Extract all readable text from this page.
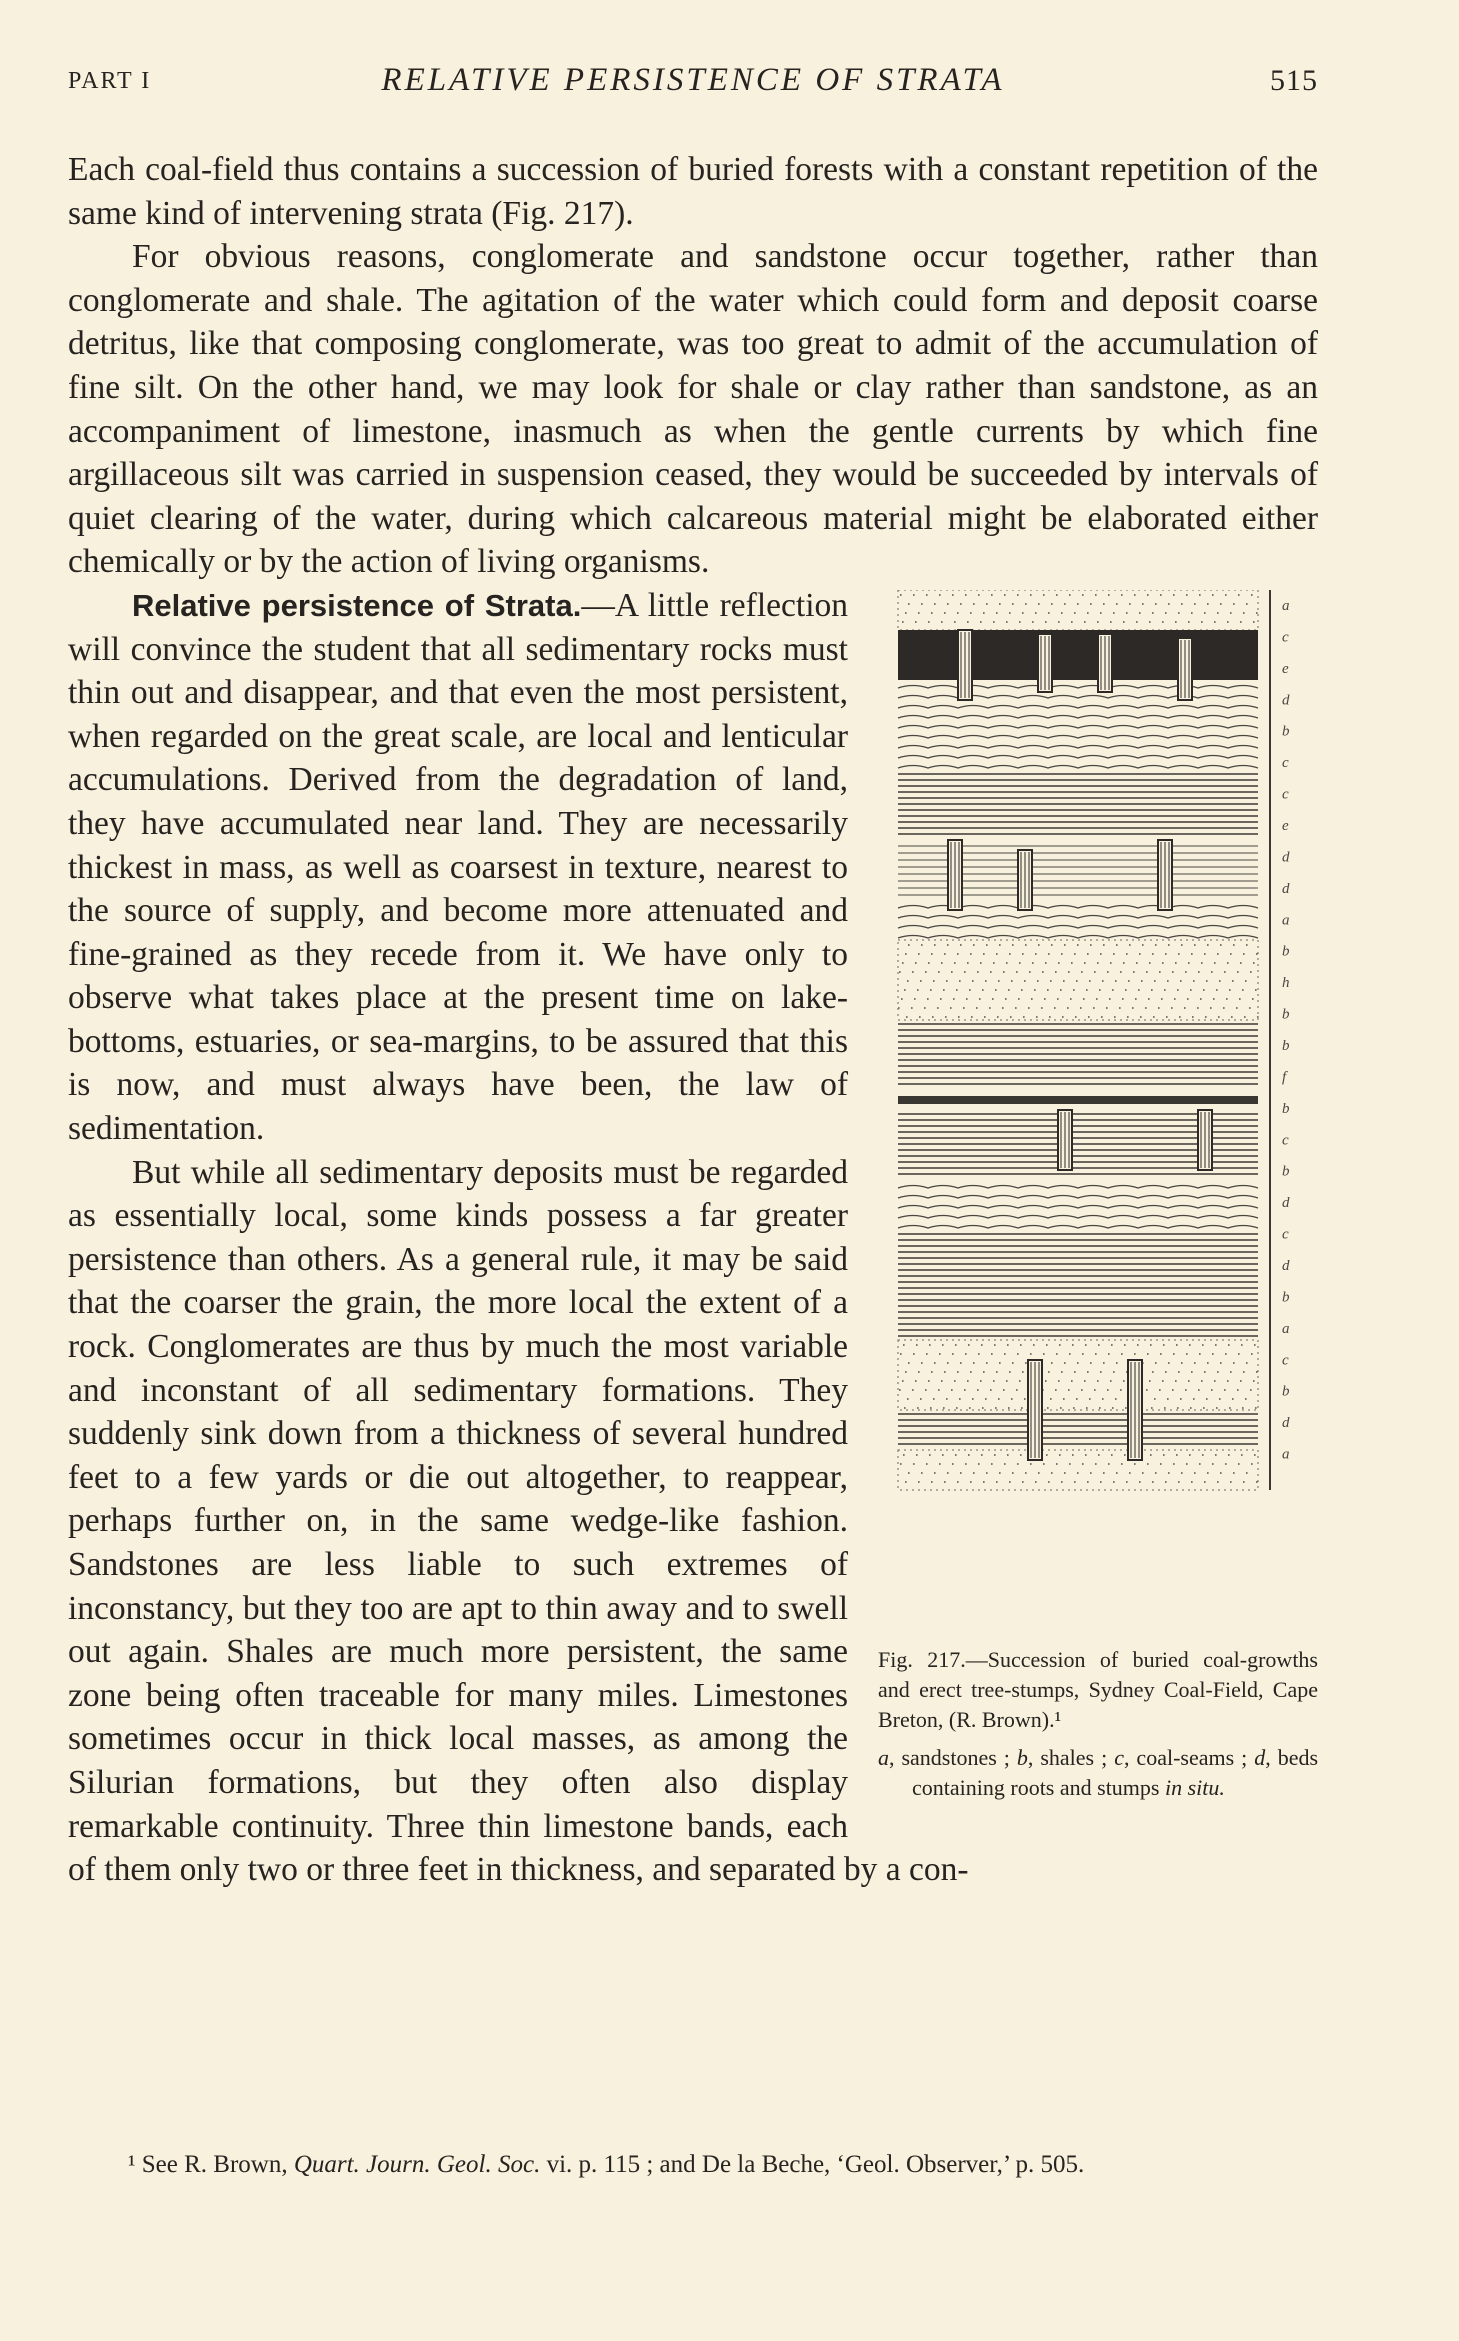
PART I	RELATIVE PERSISTENCE OF STRATA	515

Each coal-field thus contains a succession of buried forests with a constant repetition of the same kind of intervening strata (Fig. 217).

For obvious reasons, conglomerate and sandstone occur together, rather than conglomerate and shale. The agitation of the water which could form and deposit coarse detritus, like that composing conglomerate, was too great to admit of the accumulation of fine silt. On the other hand, we may look for shale or clay rather than sandstone, as an accompaniment of limestone, inasmuch as when the gentle currents by which fine argillaceous silt was carried in suspension ceased, they would be succeeded by intervals of quiet clearing of the water, during which calcareous material might be elaborated either chemically or by the action of living organisms.

a
c
e
d
b
c
c
e
d
d
a
b
h
b
b
f
b
c
b
d
c
d
b
a
c
b
d
a
Fig. 217.—Succession of buried coal-growths and erect tree-stumps, Sydney Coal-Field, Cape Breton, (R. Brown).¹
a, sandstones ; b, shales ; c, coal-seams ; d, beds containing roots and stumps in situ.

Relative persistence of Strata.—A little reflection will convince the student that all sedimentary rocks must thin out and disappear, and that even the most persistent, when regarded on the great scale, are local and lenticular accumulations. Derived from the degradation of land, they have accumulated near land. They are necessarily thickest in mass, as well as coarsest in texture, nearest to the source of supply, and become more attenuated and fine-grained as they recede from it. We have only to observe what takes place at the present time on lake-bottoms, estuaries, or sea-margins, to be assured that this is now, and must always have been, the law of sedimentation.

But while all sedimentary deposits must be regarded as essentially local, some kinds possess a far greater persistence than others. As a general rule, it may be said that the coarser the grain, the more local the extent of a rock. Conglomerates are thus by much the most variable and inconstant of all sedimentary formations. They suddenly sink down from a thickness of several hundred feet to a few yards or die out altogether, to reappear, perhaps further on, in the same wedge-like fashion. Sandstones are less liable to such extremes of inconstancy, but they too are apt to thin away and to swell out again. Shales are much more persistent, the same zone being often traceable for many miles. Limestones sometimes occur in thick local masses, as among the Silurian formations, but they often also display remarkable continuity. Three thin limestone bands, each of them only two or three feet in thickness, and separated by a con-

¹ See R. Brown, Quart. Journ. Geol. Soc. vi. p. 115 ; and De la Beche, ‘Geol. Observer,’ p. 505.
